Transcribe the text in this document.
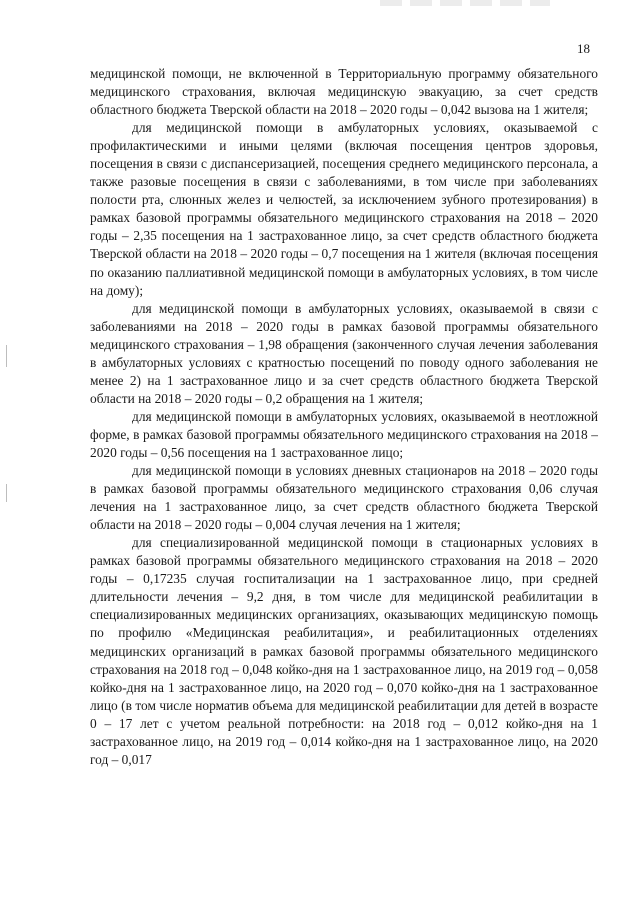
18

медицинской помощи, не включенной в Территориальную программу обязательного медицинского страхования, включая медицинскую эвакуацию, за счет средств областного бюджета Тверской области на 2018 – 2020 годы – 0,042 вызова на 1 жителя;

для медицинской помощи в амбулаторных условиях, оказываемой с профилактическими и иными целями (включая посещения центров здоровья, посещения в связи с диспансеризацией, посещения среднего медицинского персонала, а также разовые посещения в связи с заболеваниями, в том числе при заболеваниях полости рта, слюнных желез и челюстей, за исключением зубного протезирования) в рамках базовой программы обязательного медицинского страхования на 2018 – 2020 годы – 2,35 посещения на 1 застрахованное лицо, за счет средств областного бюджета Тверской области на 2018 – 2020 годы – 0,7 посещения на 1 жителя (включая посещения по оказанию паллиативной медицинской помощи в амбулаторных условиях, в том числе на дому);

для медицинской помощи в амбулаторных условиях, оказываемой в связи с заболеваниями на 2018 – 2020 годы в рамках базовой программы обязательного медицинского страхования – 1,98 обращения (законченного случая лечения заболевания в амбулаторных условиях с кратностью посещений по поводу одного заболевания не менее 2) на 1 застрахованное лицо и за счет средств областного бюджета Тверской области на 2018 – 2020 годы – 0,2 обращения на 1 жителя;

для медицинской помощи в амбулаторных условиях, оказываемой в неотложной форме, в рамках базовой программы обязательного медицинского страхования на 2018 – 2020 годы – 0,56 посещения на 1 застрахованное лицо;

для медицинской помощи в условиях дневных стационаров на 2018 – 2020 годы в рамках базовой программы обязательного медицинского страхования 0,06 случая лечения на 1 застрахованное лицо, за счет средств областного бюджета Тверской области на 2018 – 2020 годы – 0,004 случая лечения на 1 жителя;

для специализированной медицинской помощи в стационарных условиях в рамках базовой программы обязательного медицинского страхования на 2018 – 2020 годы – 0,17235 случая госпитализации на 1 застрахованное лицо, при средней длительности лечения – 9,2 дня, в том числе для медицинской реабилитации в специализированных медицинских организациях, оказывающих медицинскую помощь по профилю «Медицинская реабилитация», и реабилитационных отделениях медицинских организаций в рамках базовой программы обязательного медицинского страхования на 2018 год – 0,048 койко-дня на 1 застрахованное лицо, на 2019 год – 0,058 койко-дня на 1 застрахованное лицо, на 2020 год – 0,070 койко-дня на 1 застрахованное лицо (в том числе норматив объема для медицинской реабилитации для детей в возрасте 0 – 17 лет с учетом реальной потребности: на 2018 год – 0,012 койко-дня на 1 застрахованное лицо, на 2019 год – 0,014 койко-дня на 1 застрахованное лицо, на 2020 год – 0,017
